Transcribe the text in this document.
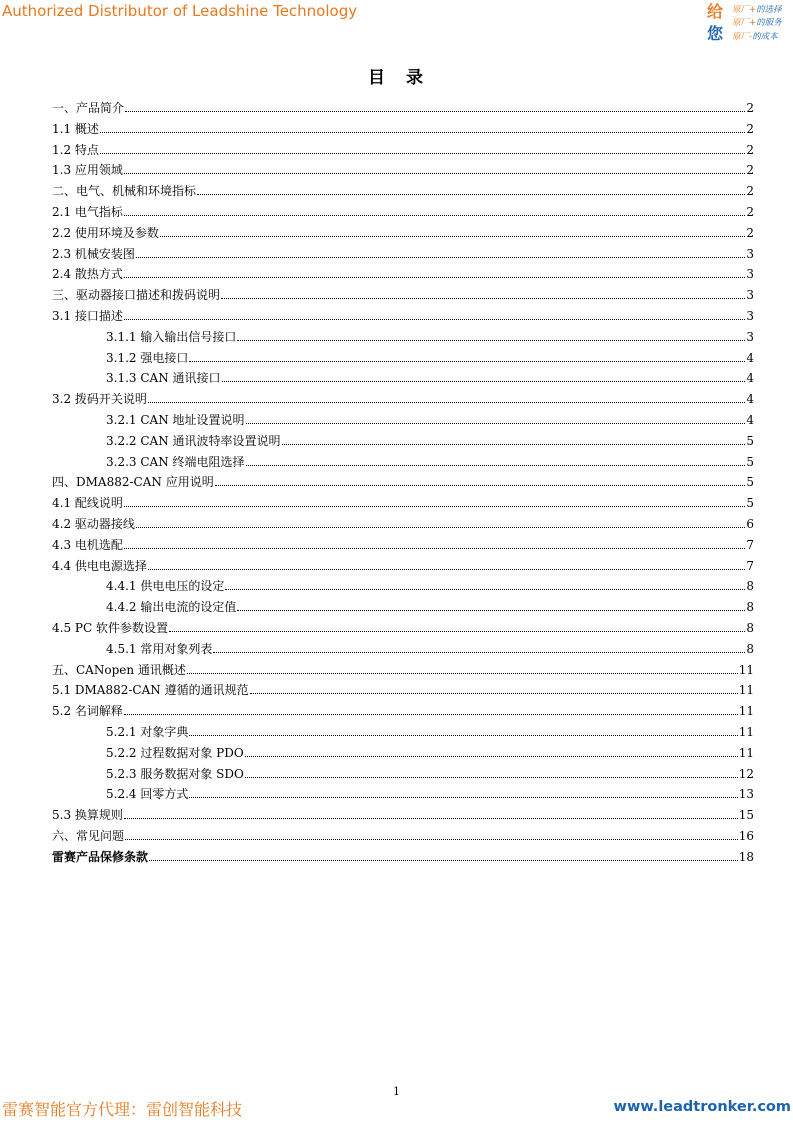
Authorized Distributor of Leadshine Technology	给
您
原厂+的选择
原厂+的服务
原厂-的成本
目　录
一、产品简介	2
1.1 概述	2
1.2 特点	2
1.3 应用领域	2
二、电气、机械和环境指标	2
2.1 电气指标	2
2.2 使用环境及参数	2
2.3 机械安装图	3
2.4 散热方式	3
三、驱动器接口描述和拨码说明	3
3.1 接口描述	3
3.1.1 输入输出信号接口	3
3.1.2 强电接口	4
3.1.3 CAN 通讯接口	4
3.2 拨码开关说明	4
3.2.1 CAN 地址设置说明	4
3.2.2 CAN 通讯波特率设置说明	5
3.2.3 CAN 终端电阻选择	5
四、DMA882-CAN 应用说明	5
4.1 配线说明	5
4.2 驱动器接线	6
4.3 电机选配	7
4.4 供电电源选择	7
4.4.1 供电电压的设定	8
4.4.2 输出电流的设定值	8
4.5 PC 软件参数设置	8
4.5.1 常用对象列表	8
五、CANopen 通讯概述	11
5.1 DMA882-CAN 遵循的通讯规范	11
5.2 名词解释	11
5.2.1 对象字典	11
5.2.2 过程数据对象 PDO	11
5.2.3 服务数据对象 SDO	12
5.2.4 回零方式	13
5.3 换算规则	15
六、常见问题	16
雷赛产品保修条款	18
1
雷赛智能官方代理：雷创智能科技	www.leadtronker.com
